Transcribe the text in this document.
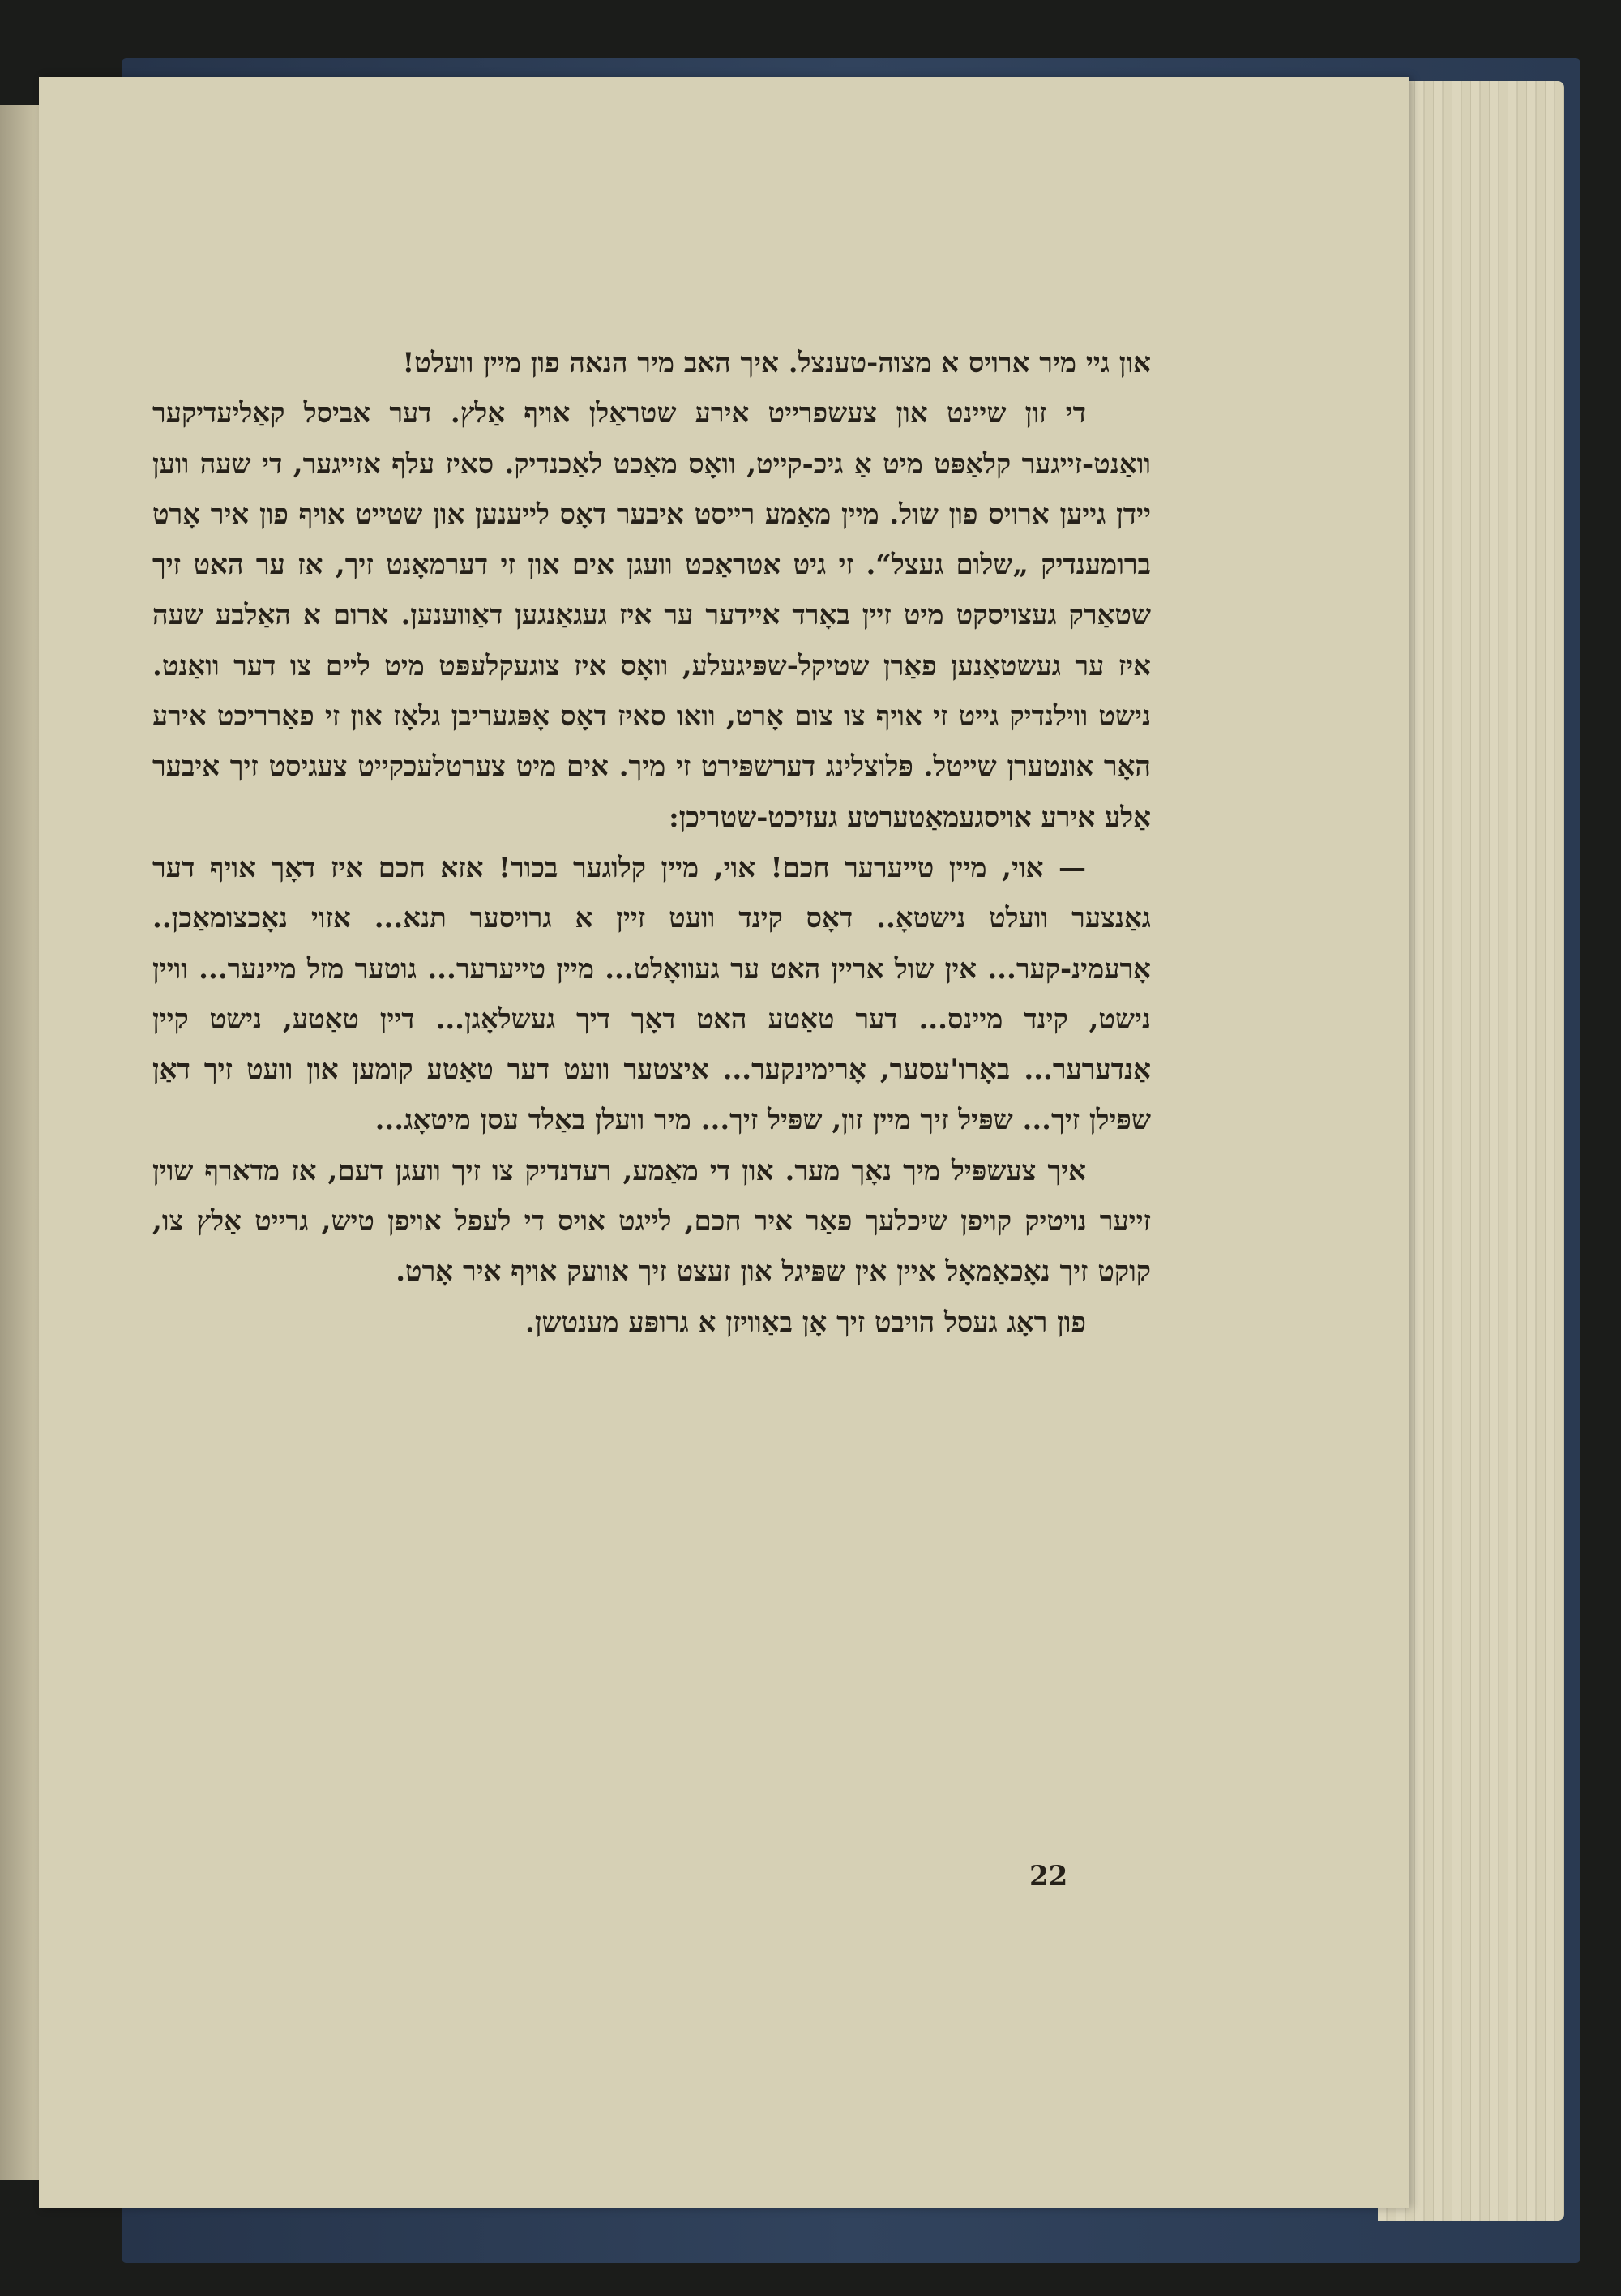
און גיי מיר ארויס א מצוה-טענצל. איך האב מיר הנאה פון מיין וועלט!

די זון שיינט און צעשפרייט אירע שטראַלן אויף אַלץ. דער אביסל קאַליעדיקער וואַנט-זייגער קלאַפּט מיט אַ גיכ-קייט, וואָס מאַכט לאַכנדיק. סאיז עלף אזייגער, די שעה ווען יידן גייען ארויס פון שול. מיין מאַמע רייסט איבער דאָס לייענען און שטייט אויף פון איר אָרט ברומענדיק „שלום געצל“. זי גיט אטראַכט וועגן אים און זי דערמאָנט זיך, אז ער האט זיך שטאַרק געצויסקט מיט זיין באָרד איידער ער איז געגאַנגען דאַווענען. ארום א האַלבע שעה איז ער געשטאַנען פאַרן שטיקל-שפּיגעלע, וואָס איז צוגעקלעפּט מיט ליים צו דער וואַנט. נישט ווילנדיק גייט זי אויף צו צום אָרט, וואו סאיז דאָס אָפּגעריבן גלאָז און זי פאַרריכט אירע האָר אונטערן שייטל. פּלוצלינג דערשפּירט זי מיך. אים מיט צערטלעכקייט צעגיסט זיך איבער אַלע אירע אויסגעמאַטערטע געזיכט-שטריכן:

— אוי, מיין טייערער חכם! אוי, מיין קלוגער בכור! אזא חכם איז דאָך אויף דער גאַנצער וועלט נישטאָ.. דאָס קינד וועט זיין א גרויסער תנא... אזוי נאָכצומאַכן.. אָרעמינ-קער... אין שול אריין האט ער געוואָלט... מיין טייערער... גוטער מזל מיינער... וויין נישט, קינד מיינס... דער טאַטע האט דאָך דיך געשלאָגן... דיין טאַטע, נישט קיין אַנדערער... באָרו'עסער, אָרימינקער... איצטער וועט דער טאַטע קומען און וועט זיך דאַן שפּילן זיך... שפּיל זיך מיין זון, שפּיל זיך... מיר וועלן באַלד עסן מיטאָג...

איך צעשפּיל מיך נאָך מער. און די מאַמע, רעדנדיק צו זיך וועגן דעם, אז מדארף שוין זייער נויטיק קויפן שיכלעך פאַר איר חכם, לייגט אויס די לעפל אויפן טיש, גרייט אַלץ צו, קוקט זיך נאָכאַמאָל איין אין שפּיגל און זעצט זיך אוועק אויף איר אָרט.

פון ראָג געסל הויבט זיך אָן באַוויזן א גרופּע מענטשן.

22
